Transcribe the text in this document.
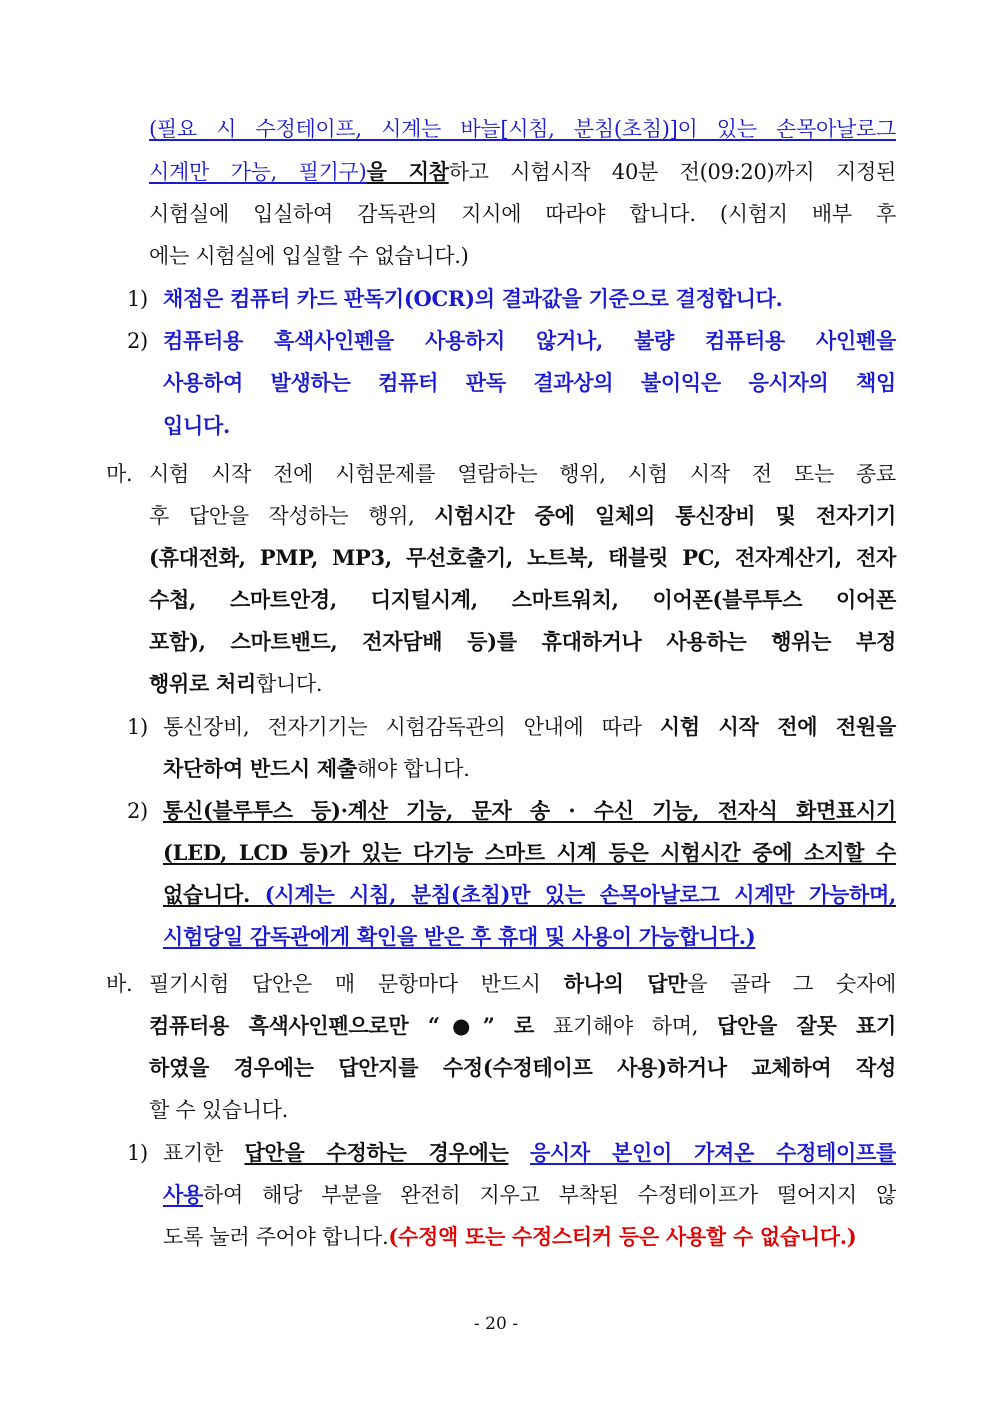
(필요 시 수정테이프, 시계는 바늘[시침, 분침(초침)]이 있는 손목아날로그
시계만 가능, 필기구)을 지참하고 시험시작 40분 전(09:20)까지 지정된
시험실에 입실하여 감독관의 지시에 따라야 합니다. (시험지 배부 후
에는 시험실에 입실할 수 없습니다.)
1) 채점은 컴퓨터 카드 판독기(OCR)의 결과값을 기준으로 결정합니다.
2) 컴퓨터용 흑색사인펜을 사용하지 않거나, 불량 컴퓨터용 사인펜을
사용하여 발생하는 컴퓨터 판독 결과상의 불이익은 응시자의 책임
입니다.
마. 시험 시작 전에 시험문제를 열람하는 행위, 시험 시작 전 또는 종료
후 답안을 작성하는 행위, 시험시간 중에 일체의 통신장비 및 전자기기
(휴대전화, PMP, MP3, 무선호출기, 노트북, 태블릿 PC, 전자계산기, 전자
수첩, 스마트안경, 디지털시계, 스마트워치, 이어폰(블루투스 이어폰
포함), 스마트밴드, 전자담배 등)를 휴대하거나 사용하는 행위는 부정
행위로 처리합니다.
1) 통신장비, 전자기기는 시험감독관의 안내에 따라 시험 시작 전에 전원을
차단하여 반드시 제출해야 합니다.
2) 통신(블루투스 등)·계산 기능, 문자 송 · 수신 기능, 전자식 화면표시기
(LED, LCD 등)가 있는 다기능 스마트 시계 등은 시험시간 중에 소지할 수
없습니다. (시계는 시침, 분침(초침)만 있는 손목아날로그 시계만 가능하며,
시험당일 감독관에게 확인을 받은 후 휴대 및 사용이 가능합니다.)
바. 필기시험 답안은 매 문항마다 반드시 하나의 답만을 골라 그 숫자에
컴퓨터용 흑색사인펜으로만 “●” 로 표기해야 하며, 답안을 잘못 표기
하였을 경우에는 답안지를 수정(수정테이프 사용)하거나 교체하여 작성
할 수 있습니다.
1) 표기한 답안을 수정하는 경우에는 응시자 본인이 가져온 수정테이프를
사용하여 해당 부분을 완전히 지우고 부착된 수정테이프가 떨어지지 않
도록 눌러 주어야 합니다.(수정액 또는 수정스티커 등은 사용할 수 없습니다.)
- 20 -
